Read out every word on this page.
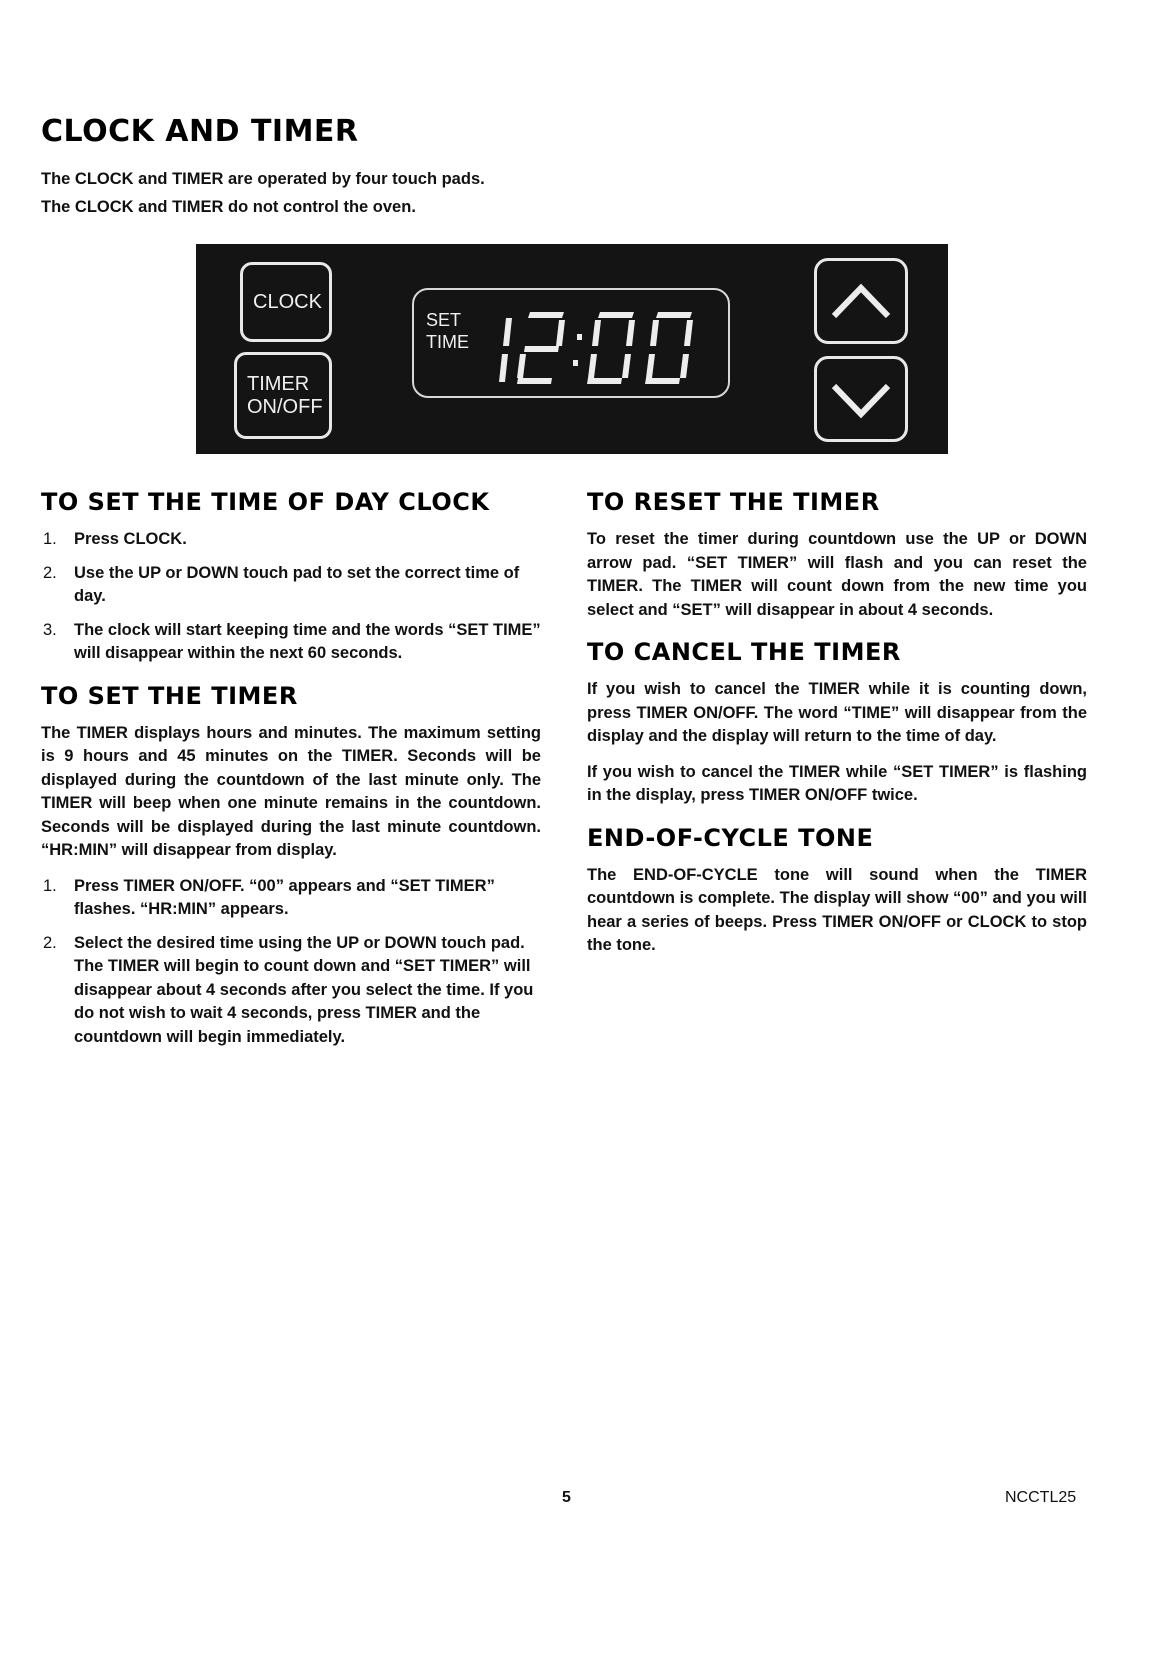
CLOCK AND TIMER

The CLOCK and TIMER are operated by four touch pads.

The CLOCK and TIMER do not control the oven.

CLOCK
TIMER
ON/OFF
SET
TIME
TO SET THE TIME OF DAY CLOCK
1. Press CLOCK.
2. Use the UP or DOWN touch pad to set the correct time of day.
3. The clock will start keeping time and the words “SET TIME” will disappear within the next 60 seconds.
TO SET THE TIMER

The TIMER displays hours and minutes. The maximum setting is 9 hours and 45 minutes on the TIMER. Seconds will be displayed during the countdown of the last minute only. The TIMER will beep when one minute remains in the countdown. Seconds will be displayed during the last minute countdown. “HR:MIN” will disappear from display.

1. Press TIMER ON/OFF. “00” appears and “SET TIMER” flashes. “HR:MIN” appears.
2. Select the desired time using the UP or DOWN touch pad. The TIMER will begin to count down and “SET TIMER” will disappear about 4 seconds after you select the time. If you do not wish to wait 4 seconds, press TIMER and the countdown will begin immediately.
TO RESET THE TIMER

To reset the timer during countdown use the UP or DOWN arrow pad. “SET TIMER” will flash and you can reset the TIMER. The TIMER will count down from the new time you select and “SET” will disappear in about 4 seconds.

TO CANCEL THE TIMER

If you wish to cancel the TIMER while it is counting down, press TIMER ON/OFF. The word “TIME” will disappear from the display and the display will return to the time of day.

If you wish to cancel the TIMER while “SET TIMER” is flashing in the display, press TIMER ON/OFF twice.

END-OF-CYCLE TONE

The END-OF-CYCLE tone will sound when the TIMER countdown is complete. The display will show “00” and you will hear a series of beeps. Press TIMER ON/OFF or CLOCK to stop the tone.

5	NCCTL25
